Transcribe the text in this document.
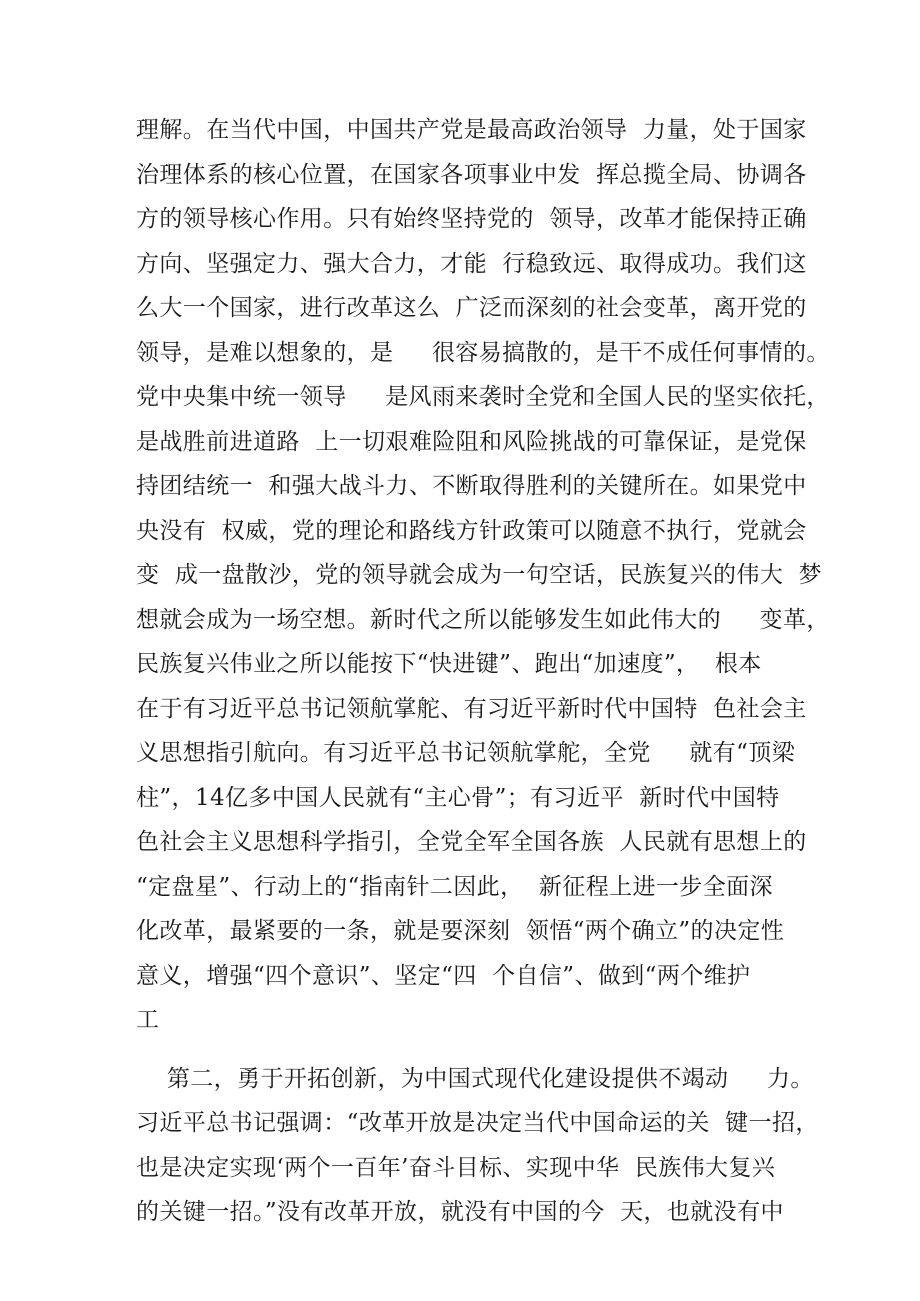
理解。在当代中国，中国共产党是最高政治领导  力量，处于国家

治理体系的核心位置，在国家各项事业中发  挥总揽全局、协调各

方的领导核心作用。只有始终坚持党的  领导，改革才能保持正确

方向、坚强定力、强大合力，才能  行稳致远、取得成功。我们这

么大一个国家，进行改革这么  广泛而深刻的社会变革，离开党的

领导，是难以想象的，是     很容易搞散的，是干不成任何事情的。

党中央集中统一领导     是风雨来袭时全党和全国人民的坚实依托，

是战胜前进道路  上一切艰难险阻和风险挑战的可靠保证，是党保

持团结统一  和强大战斗力、不断取得胜利的关键所在。如果党中

央没有  权威，党的理论和路线方针政策可以随意不执行，党就会

变  成一盘散沙，党的领导就会成为一句空话，民族复兴的伟大  梦

想就会成为一场空想。新时代之所以能够发生如此伟大的     变革，

民族复兴伟业之所以能按下“快进键”、跑出“加速度”，  根本

在于有习近平总书记领航掌舵、有习近平新时代中国特  色社会主

义思想指引航向。有习近平总书记领航掌舵，全党     就有“顶梁

柱”，14亿多中国人民就有“主心骨”；有习近平  新时代中国特

色社会主义思想科学指引，全党全军全国各族  人民就有思想上的

“定盘星”、行动上的“指南针二因此，  新征程上进一步全面深

化改革，最紧要的一条，就是要深刻  领悟“两个确立”的决定性

意义，增强“四个意识”、坚定“四  个自信”、做到“两个维护

工

第二，勇于开拓创新，为中国式现代化建设提供不竭动     力。

习近平总书记强调：“改革开放是决定当代中国命运的关  键一招，

也是决定实现‘两个一百年’奋斗目标、实现中华  民族伟大复兴

的关键一招。”没有改革开放，就没有中国的今  天，也就没有中
